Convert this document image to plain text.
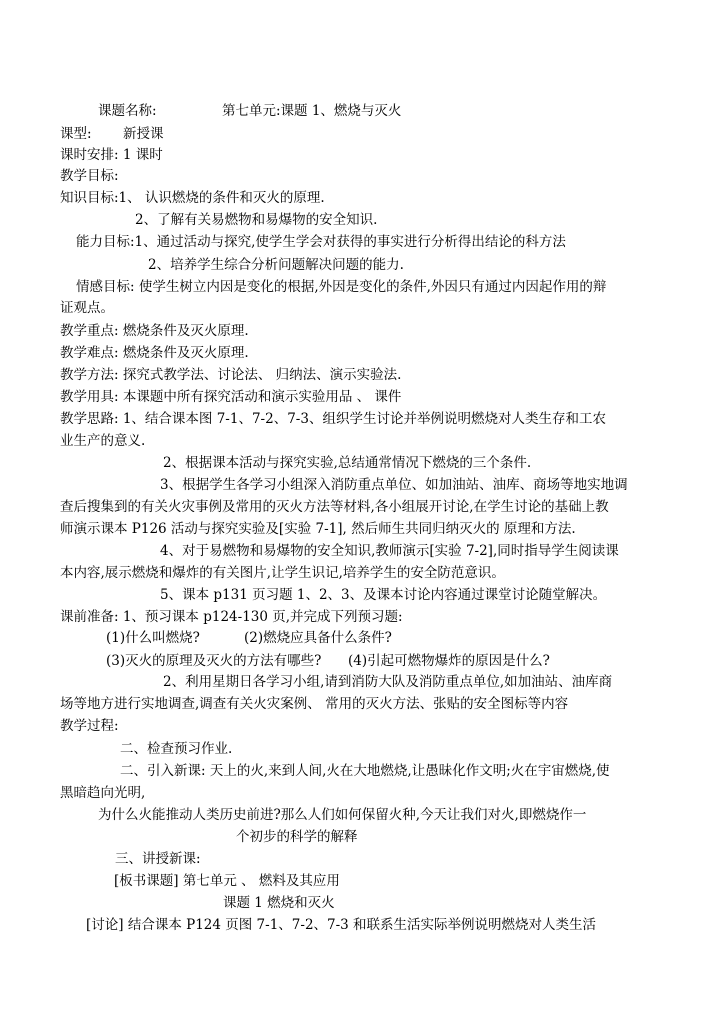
课题名称:	第七单元:课题 1、燃烧与灭火
课型: 新授课
课时安排: 1 课时
教学目标:
知识目标:1、 认识燃烧的条件和灭火的原理.
2、了解有关易燃物和易爆物的安全知识.
能力目标:1、通过活动与探究,使学生学会对获得的事实进行分析得出结论的科方法
2、培养学生综合分析问题解决问题的能力.
情感目标: 使学生树立内因是变化的根据,外因是变化的条件,外因只有通过内因起作用的辩
证观点。
教学重点: 燃烧条件及灭火原理.
教学难点: 燃烧条件及灭火原理.
教学方法: 探究式教学法、讨论法、 归纳法、演示实验法.
教学用具: 本课题中所有探究活动和演示实验用品 、 课件
教学思路: 1、结合课本图 7-1、7-2、7-3、组织学生讨论并举例说明燃烧对人类生存和工农
业生产的意义.
2、根据课本活动与探究实验,总结通常情况下燃烧的三个条件.
3、根据学生各学习小组深入消防重点单位、如加油站、油库、商场等地实地调
查后搜集到的有关火灾事例及常用的灭火方法等材料,各小组展开讨论,在学生讨论的基础上教
师演示课本 P126 活动与探究实验及[实验 7-1], 然后师生共同归纳灭火的 原理和方法.
4、对于易燃物和易爆物的安全知识,教师演示[实验 7-2],同时指导学生阅读课
本内容,展示燃烧和爆炸的有关图片,让学生识记,培养学生的安全防范意识。
5、课本 p131 页习题 1、2、3、及课本讨论内容通过课堂讨论随堂解决。
课前准备: 1、预习课本 p124-130 页,并完成下列预习题:
(1)什么叫燃烧?	(2)燃烧应具备什么条件?
(3)灭火的原理及灭火的方法有哪些? (4)引起可燃物爆炸的原因是什么?
2、利用星期日各学习小组,请到消防大队及消防重点单位,如加油站、油库商
场等地方进行实地调查,调查有关火灾案例、 常用的灭火方法、张贴的安全图标等内容
教学过程:
二、检查预习作业.
二、引入新课: 天上的火,来到人间,火在大地燃烧,让愚昧化作文明;火在宇宙燃烧,使
黑暗趋向光明,
为什么火能推动人类历史前进?那么人们如何保留火种,今天让我们对火,即燃烧作一
个初步的科学的解释
三、讲授新课:
[板书课题] 第七单元 、 燃料及其应用
课题 1 燃烧和灭火
[讨论] 结合课本 P124 页图 7-1、7-2、7-3 和联系生活实际举例说明燃烧对人类生活
